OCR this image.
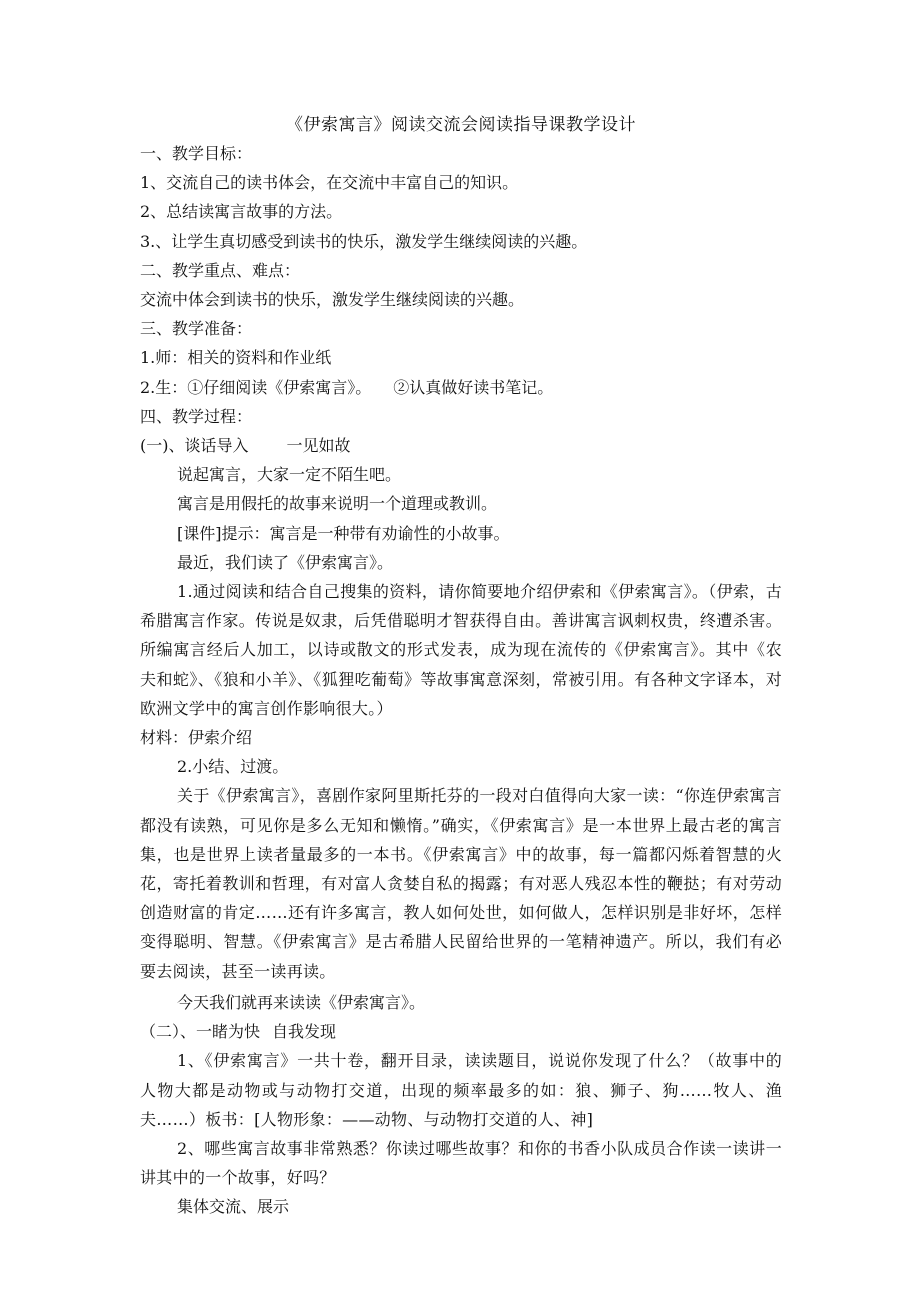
《伊索寓言》阅读交流会阅读指导课教学设计

一、教学目标：

1、交流自己的读书体会，在交流中丰富自己的知识。

2、总结读寓言故事的方法。

3.、让学生真切感受到读书的快乐，激发学生继续阅读的兴趣。

二、教学重点、难点：

交流中体会到读书的快乐，激发学生继续阅读的兴趣。

三、教学准备：

1.师：相关的资料和作业纸

2.生：①仔细阅读《伊索寓言》。 ②认真做好读书笔记。

四、教学过程：

(一)、谈话导入 一见如故

说起寓言，大家一定不陌生吧。

寓言是用假托的故事来说明一个道理或教训。

[课件]提示：寓言是一种带有劝谕性的小故事。

最近，我们读了《伊索寓言》。

1.通过阅读和结合自己搜集的资料，请你简要地介绍伊索和《伊索寓言》。（伊索，古希腊寓言作家。传说是奴隶，后凭借聪明才智获得自由。善讲寓言讽刺权贵，终遭杀害。所编寓言经后人加工，以诗或散文的形式发表，成为现在流传的《伊索寓言》。其中《农夫和蛇》、《狼和小羊》、《狐狸吃葡萄》等故事寓意深刻，常被引用。有各种文字译本，对欧洲文学中的寓言创作影响很大。）

材料：伊索介绍

2.小结、过渡。

关于《伊索寓言》，喜剧作家阿里斯托芬的一段对白值得向大家一读：“你连伊索寓言都没有读熟，可见你是多么无知和懒惰。”确实，《伊索寓言》是一本世界上最古老的寓言集，也是世界上读者量最多的一本书。《伊索寓言》中的故事，每一篇都闪烁着智慧的火花，寄托着教训和哲理，有对富人贪婪自私的揭露；有对恶人残忍本性的鞭挞；有对劳动创造财富的肯定……还有许多寓言，教人如何处世，如何做人，怎样识别是非好坏，怎样变得聪明、智慧。《伊索寓言》是古希腊人民留给世界的一笔精神遗产。所以，我们有必要去阅读，甚至一读再读。

今天我们就再来读读《伊索寓言》。

（二）、一睹为快 自我发现

1、《伊索寓言》一共十卷，翻开目录，读读题目，说说你发现了什么？（故事中的人物大都是动物或与动物打交道，出现的频率最多的如：狼、狮子、狗……牧人、渔夫……）板书：[人物形象：——动物、与动物打交道的人、神]

2、哪些寓言故事非常熟悉？你读过哪些故事？和你的书香小队成员合作读一读讲一讲其中的一个故事，好吗？

集体交流、展示
